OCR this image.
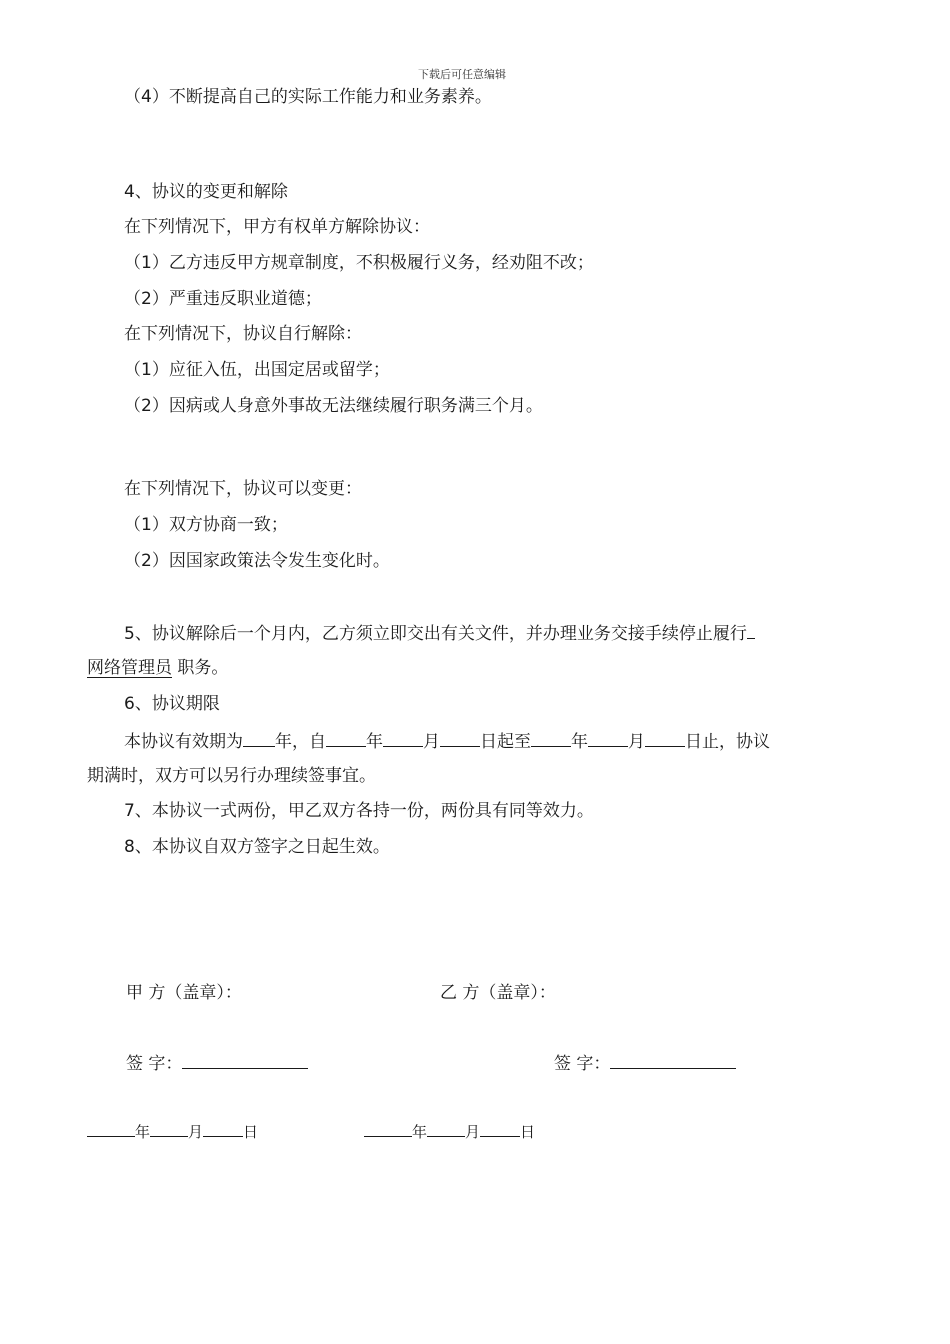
下载后可任意编辑
（4）不断提高自己的实际工作能力和业务素养。
4、协议的变更和解除
在下列情况下，甲方有权单方解除协议：
（1）乙方违反甲方规章制度，不积极履行义务，经劝阻不改；
（2）严重违反职业道德；
在下列情况下，协议自行解除：
（1）应征入伍，出国定居或留学；
（2）因病或人身意外事故无法继续履行职务满三个月。
在下列情况下，协议可以变更：
（1）双方协商一致；
（2）因国家政策法令发生变化时。
5、协议解除后一个月内，乙方须立即交出有关文件，并办理业务交接手续停止履行
网络管理员 职务。
6、协议期限
本协议有效期为 年，自 年 月 日起至 年 月 日止，协议
期满时，双方可以另行办理续签事宜。
7、本协议一式两份，甲乙双方各持一份，两份具有同等效力。
8、本协议自双方签字之日起生效。
甲 方（盖章）：	乙 方（盖章）：
签 字：	签 字：
年	月	日	年	月	日
